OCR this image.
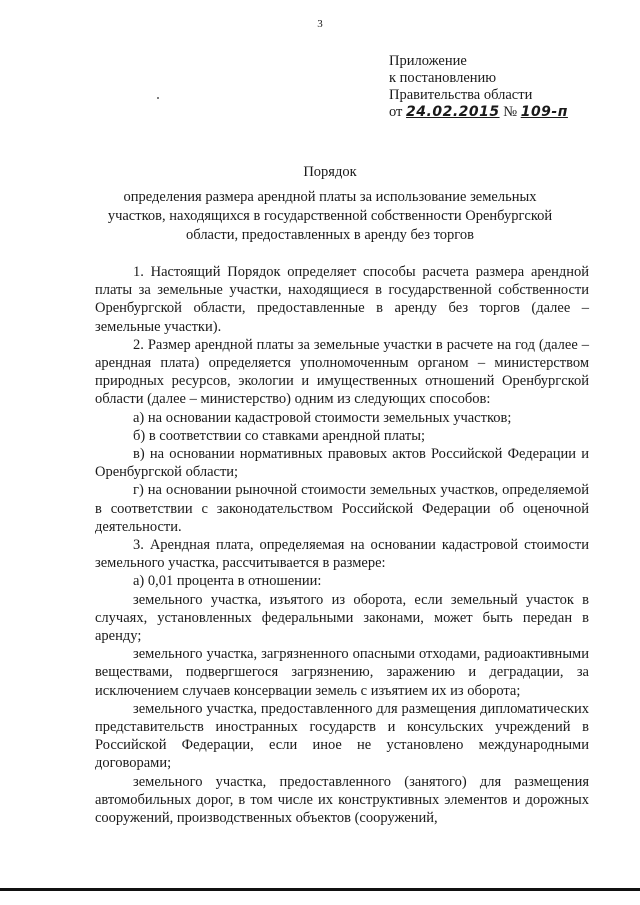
3
Приложение
к постановлению
Правительства области
от 24.02.2015 № 109-п
Порядок
определения размера арендной платы за использование земельных
участков, находящихся в государственной собственности Оренбургской
области, предоставленных в аренду без торгов

1. Настоящий Порядок определяет способы расчета размера арендной платы за земельные участки, находящиеся в государственной собственности Оренбургской области, предоставленные в аренду без торгов (далее – земельные участки).

2. Размер арендной платы за земельные участки в расчете на год (далее – арендная плата) определяется уполномоченным органом – министерством природных ресурсов, экологии и имущественных отношений Оренбургской области (далее – министерство) одним из следующих способов:

а) на основании кадастровой стоимости земельных участков;

б) в соответствии со ставками арендной платы;

в) на основании нормативных правовых актов Российской Федерации и Оренбургской области;

г) на основании рыночной стоимости земельных участков, определяемой в соответствии с законодательством Российской Федерации об оценочной деятельности.

3. Арендная плата, определяемая на основании кадастровой стоимости земельного участка, рассчитывается в размере:

а) 0,01 процента в отношении:

земельного участка, изъятого из оборота, если земельный участок в случаях, установленных федеральными законами, может быть передан в аренду;

земельного участка, загрязненного опасными отходами, радиоактивными веществами, подвергшегося загрязнению, заражению и деградации, за исключением случаев консервации земель с изъятием их из оборота;

земельного участка, предоставленного для размещения дипломатических представительств иностранных государств и консульских учреждений в Российской Федерации, если иное не установлено международными договорами;

земельного участка, предоставленного (занятого) для размещения автомобильных дорог, в том числе их конструктивных элементов и дорожных сооружений, производственных объектов (сооружений,
